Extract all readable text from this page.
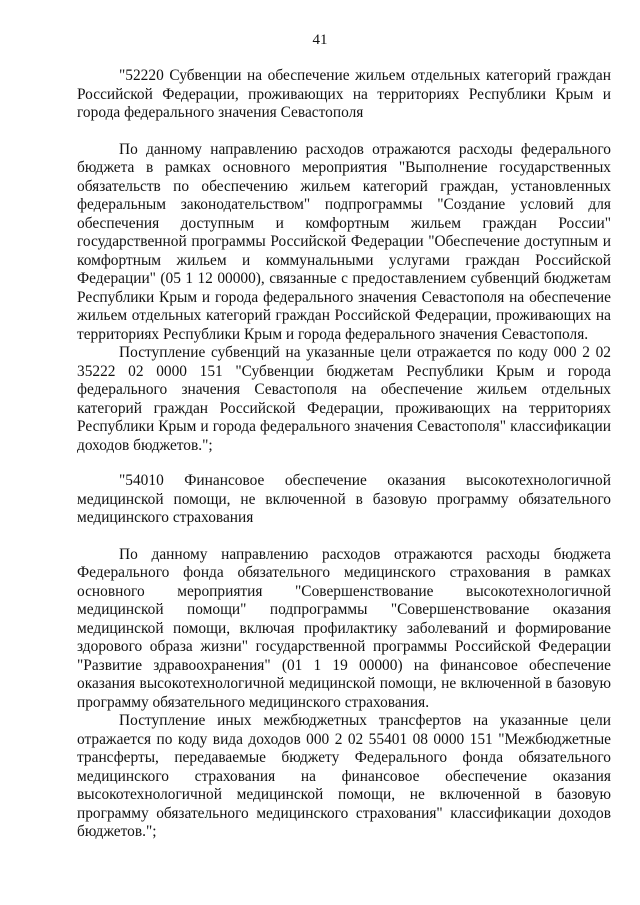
41

"52220 Субвенции на обеспечение жильем отдельных категорий граждан Российской Федерации, проживающих на территориях Республики Крым и города федерального значения Севастополя

По данному направлению расходов отражаются расходы федерального бюджета в рамках основного мероприятия "Выполнение государственных обязательств по обеспечению жильем категорий граждан, установленных федеральным законодательством" подпрограммы "Создание условий для обеспечения доступным и комфортным жильем граждан России" государственной программы Российской Федерации "Обеспечение доступным и комфортным жильем и коммунальными услугами граждан Российской Федерации" (05 1 12 00000), связанные с предоставлением субвенций бюджетам Республики Крым и города федерального значения Севастополя на обеспечение жильем отдельных категорий граждан Российской Федерации, проживающих на территориях Республики Крым и города федерального значения Севастополя.

Поступление субвенций на указанные цели отражается по коду 000 2 02 35222 02 0000 151 "Субвенции бюджетам Республики Крым и города федерального значения Севастополя на обеспечение жильем отдельных категорий граждан Российской Федерации, проживающих на территориях Республики Крым и города федерального значения Севастополя" классификации доходов бюджетов.";

"54010 Финансовое обеспечение оказания высокотехнологичной медицинской помощи, не включенной в базовую программу обязательного медицинского страхования

По данному направлению расходов отражаются расходы бюджета Федерального фонда обязательного медицинского страхования в рамках основного мероприятия "Совершенствование высокотехнологичной медицинской помощи" подпрограммы "Совершенствование оказания медицинской помощи, включая профилактику заболеваний и формирование здорового образа жизни" государственной программы Российской Федерации "Развитие здравоохранения" (01 1 19 00000) на финансовое обеспечение оказания высокотехнологичной медицинской помощи, не включенной в базовую программу обязательного медицинского страхования.

Поступление иных межбюджетных трансфертов на указанные цели отражается по коду вида доходов 000 2 02 55401 08 0000 151 "Межбюджетные трансферты, передаваемые бюджету Федерального фонда обязательного медицинского страхования на финансовое обеспечение оказания высокотехнологичной медицинской помощи, не включенной в базовую программу обязательного медицинского страхования" классификации доходов бюджетов.";
